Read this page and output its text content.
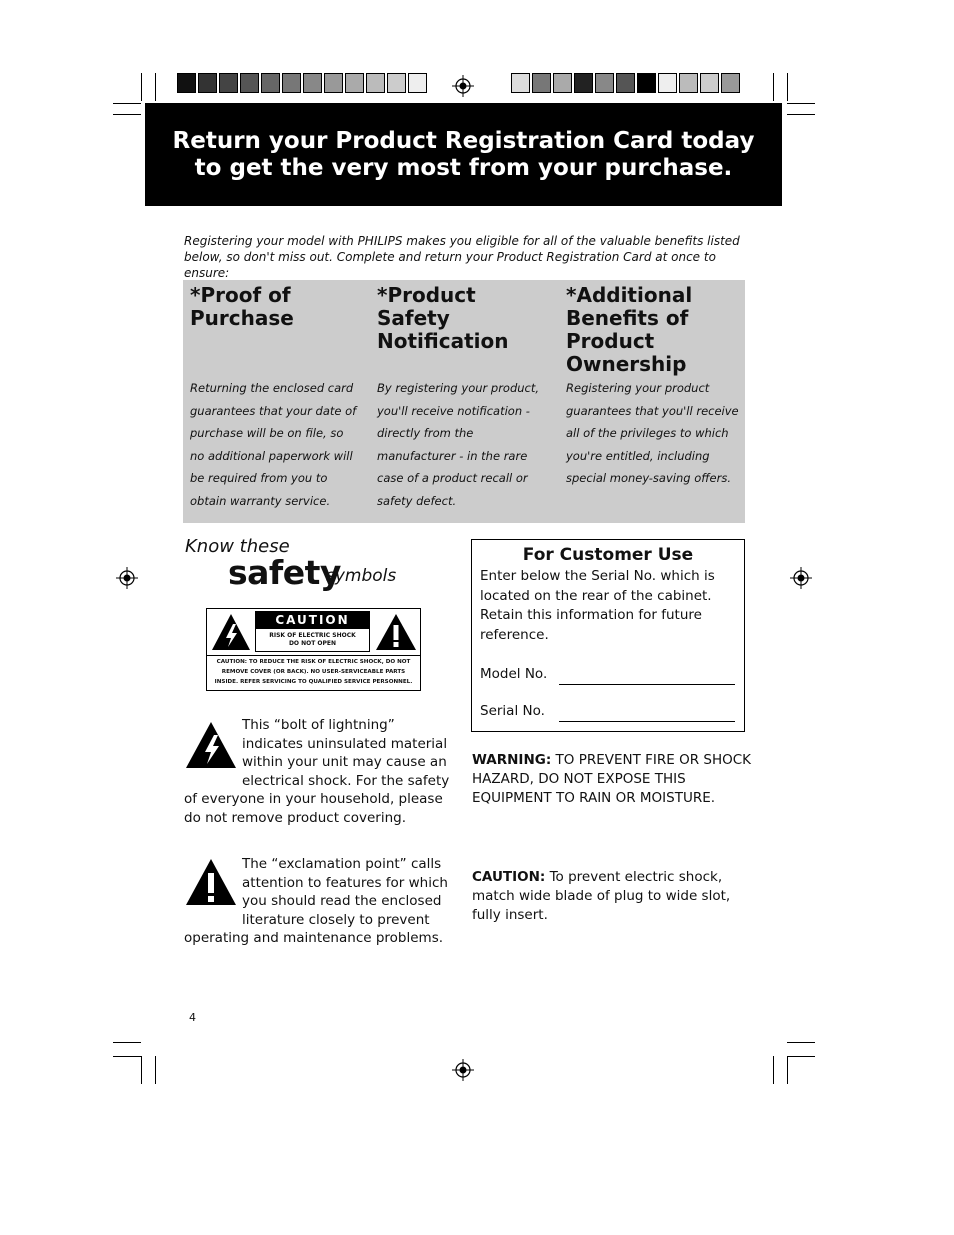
Return your Product Registration Card today
to get the very most from your purchase.

Registering your model with PHILIPS makes you eligible for all of the valuable benefits listed below, so don't miss out. Complete and return your Product Registration Card at once to ensure:

*Proof of Purchase

Returning the enclosed card guarantees that your date of purchase will be on file, so no additional paperwork will be required from you to obtain warranty service.

*Product Safety Notification

By registering your product, you'll receive notification - directly from the manufacturer - in the rare case of a product recall or safety defect.

*Additional Benefits of Product Ownership

Registering your product guarantees that you'll receive all of the privileges to which you're entitled, including special money-saving offers.

Know these
safety
symbols
CAUTION
RISK OF ELECTRIC SHOCK
DO NOT OPEN
CAUTION: TO REDUCE THE RISK OF ELECTRIC SHOCK, DO NOT REMOVE COVER (OR BACK). NO USER-SERVICEABLE PARTS INSIDE. REFER SERVICING TO QUALIFIED SERVICE PERSONNEL.
This “bolt of lightning” indicates uninsulated material within your unit may cause an electrical shock. For the safety of everyone in your household, please do not remove product covering.
The “exclamation point” calls attention to features for which you should read the enclosed literature closely to prevent operating and maintenance problems.
For Customer Use
Enter below the Serial No. which is located on the rear of the cabinet. Retain this information for future reference.
Model No.
Serial No.
WARNING: TO PREVENT FIRE OR SHOCK HAZARD, DO NOT EXPOSE THIS EQUIPMENT TO RAIN OR MOISTURE.
CAUTION: To prevent electric shock, match wide blade of plug to wide slot, fully insert.
4
